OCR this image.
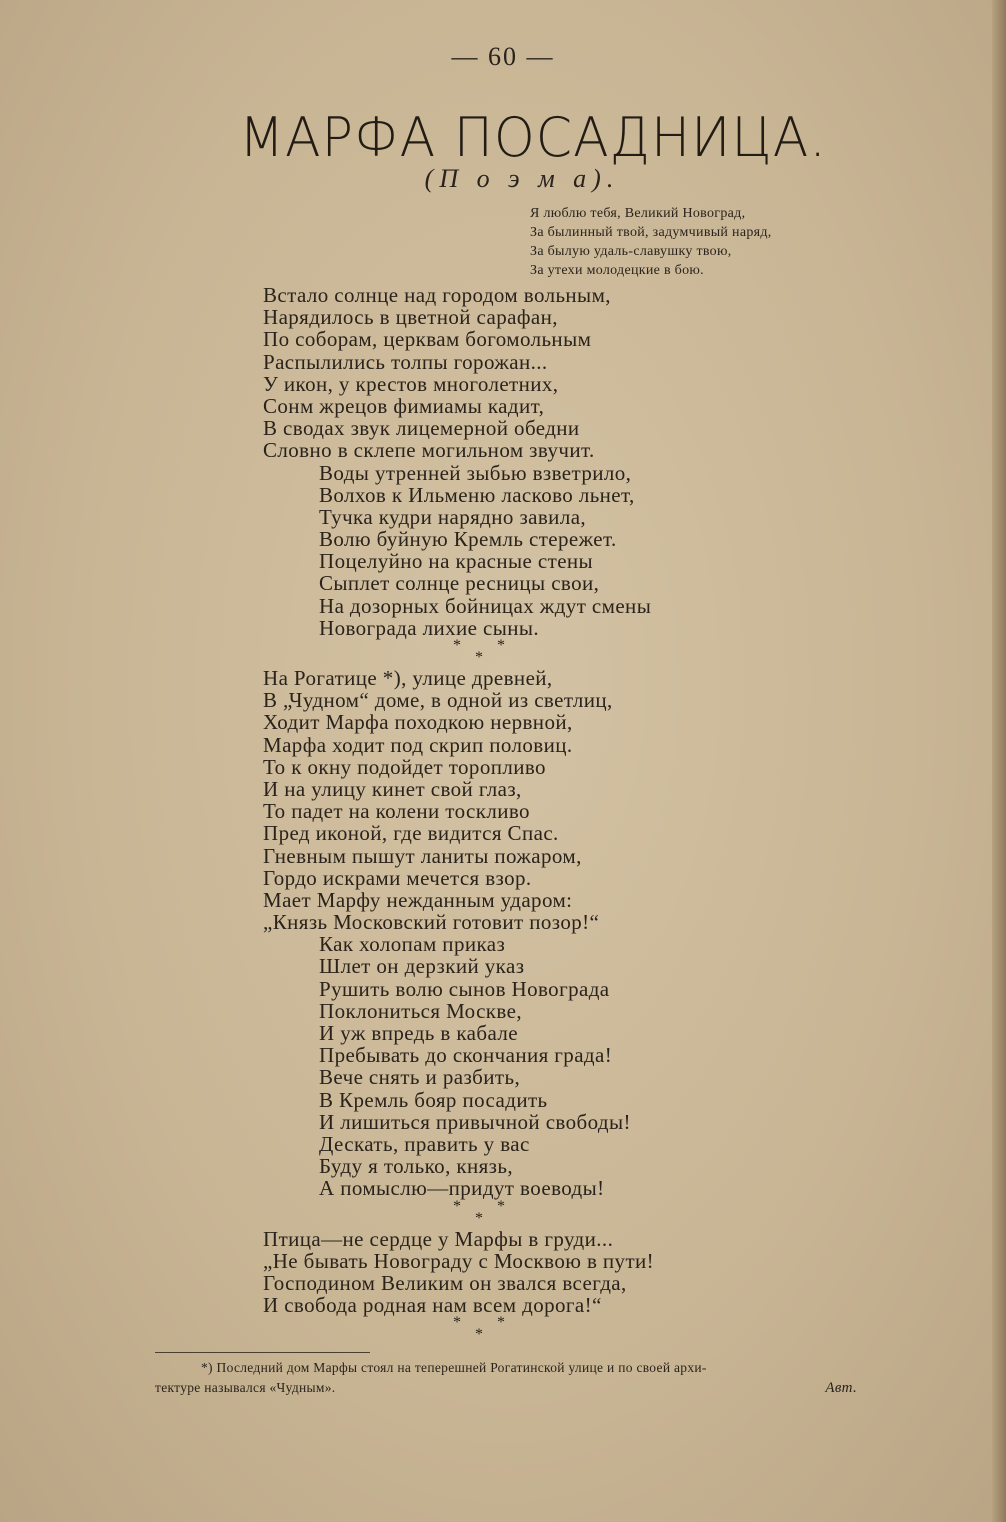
— 60 —
МАРФА ПОСАДНИЦА.
(П о э м а).
Я люблю тебя, Великий Новоград,
За былинный твой, задумчивый наряд,
За былую удаль-славушку твою,
За утехи молодецкие в бою.
Встало солнце над городом вольным,
Нарядилось в цветной сарафан,
По соборам, церквам богомольным
Распылились толпы горожан...
У икон, у крестов многолетних,
Сонм жрецов фимиамы кадит,
В сводах звук лицемерной обедни
Словно в склепе могильном звучит.
Воды утренней зыбью взветрило,
Волхов к Ильменю ласково льнет,
Тучка кудри нарядно завила,
Волю буйную Кремль стережет.
Поцелуйно на красные стены
Сыплет солнце ресницы свои,
На дозорных бойницах ждут смены
Новограда лихие сыны.
* *
*
На Рогатице *), улице древней,
В „Чудном“ доме, в одной из светлиц,
Ходит Марфа походкою нервной,
Марфа ходит под скрип половиц.
То к окну подойдет торопливо
И на улицу кинет свой глаз,
То падет на колени тоскливо
Пред иконой, где видится Спас.
Гневным пышут ланиты пожаром,
Гордо искрами мечется взор.
Мает Марфу нежданным ударом:
„Князь Московский готовит позор!“
Как холопам приказ
Шлет он дерзкий указ
Рушить волю сынов Новограда
Поклониться Москве,
И уж впредь в кабале
Пребывать до скончания града!
Вече снять и разбить,
В Кремль бояр посадить
И лишиться привычной свободы!
Дескать, править у вас
Буду я только, князь,
А помыслю—придут воеводы!
* *
*
Птица—не сердце у Марфы в груди...
„Не бывать Новограду с Москвою в пути!
Господином Великим он звался всегда,
И свобода родная нам всем дорога!“
* *
*
*) Последний дом Марфы стоял на теперешней Рогатинской улице и по своей архи-
тектуре назывался «Чудным».	Авт.
